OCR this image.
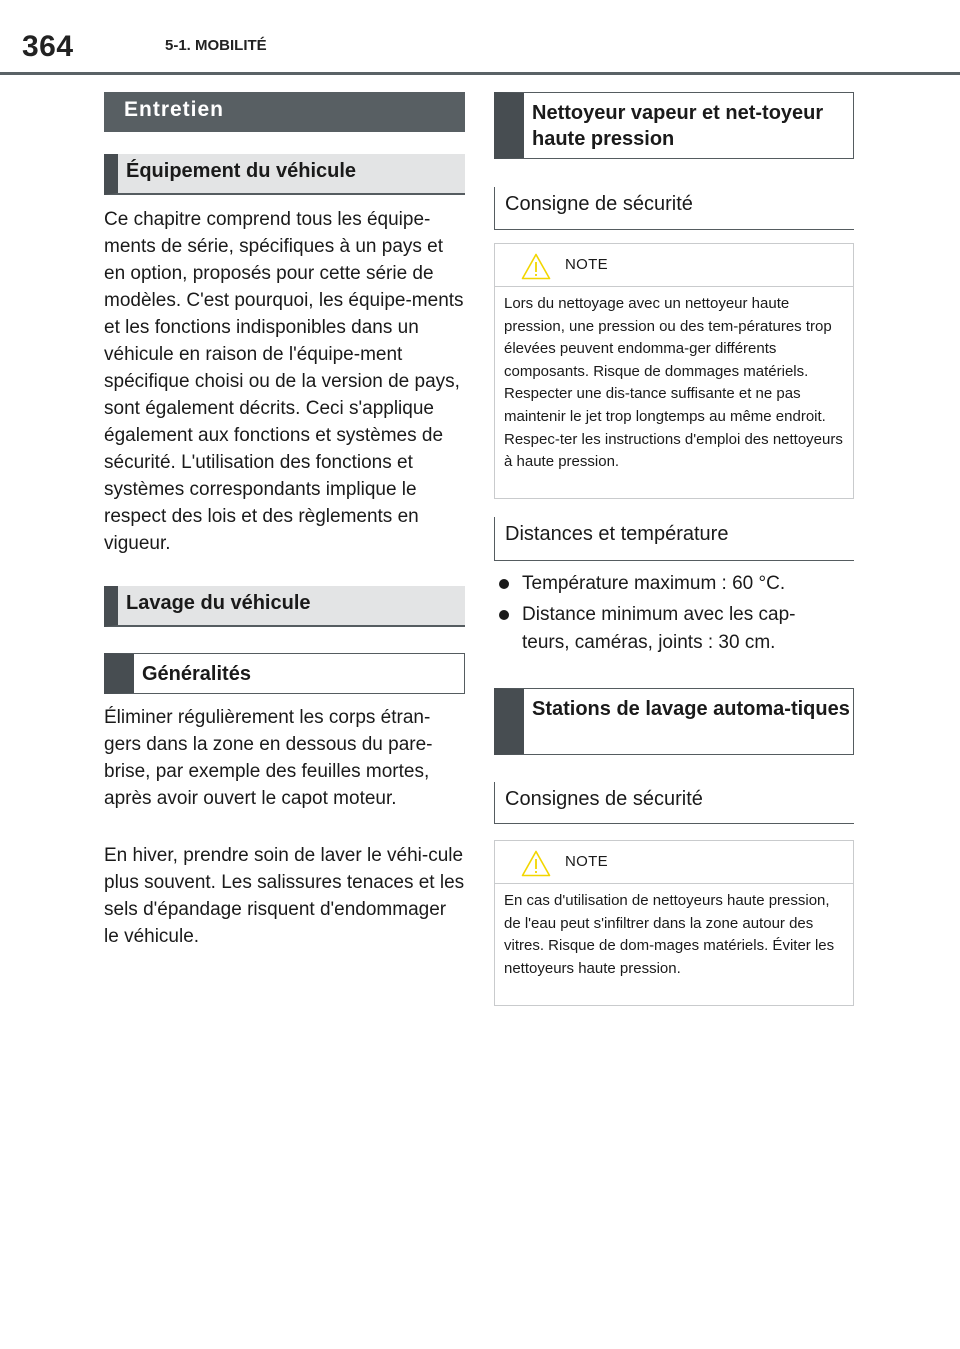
364	5-1. MOBILITÉ
Entretien
Équipement du véhicule

Ce chapitre comprend tous les équipe-ments de série, spécifiques à un pays et en option, proposés pour cette série de modèles. C'est pourquoi, les équipe-ments et les fonctions indisponibles dans un véhicule en raison de l'équipe-ment spécifique choisi ou de la version de pays, sont également décrits. Ceci s'applique également aux fonctions et systèmes de sécurité. L'utilisation des fonctions et systèmes correspondants implique le respect des lois et des règlements en vigueur.

Lavage du véhicule
Généralités

Éliminer régulièrement les corps étran-gers dans la zone en dessous du pare-brise, par exemple des feuilles mortes, après avoir ouvert le capot moteur.

En hiver, prendre soin de laver le véhi-cule plus souvent. Les salissures tenaces et les sels d'épandage risquent d'endommager le véhicule.

Nettoyeur vapeur et net-toyeur haute pression
Consigne de sécurité
NOTE

Lors du nettoyage avec un nettoyeur haute pression, une pression ou des tem-pératures trop élevées peuvent endomma-ger différents composants. Risque de dommages matériels. Respecter une dis-tance suffisante et ne pas maintenir le jet trop longtemps au même endroit. Respec-ter les instructions d'emploi des nettoyeurs à haute pression.

Distances et température

Température maximum : 60 °C.

Distance minimum avec les cap-teurs, caméras, joints : 30 cm.

Stations de lavage automa-tiques
Consignes de sécurité
NOTE

En cas d'utilisation de nettoyeurs haute pression, de l'eau peut s'infiltrer dans la zone autour des vitres. Risque de dom-mages matériels. Éviter les nettoyeurs haute pression.
